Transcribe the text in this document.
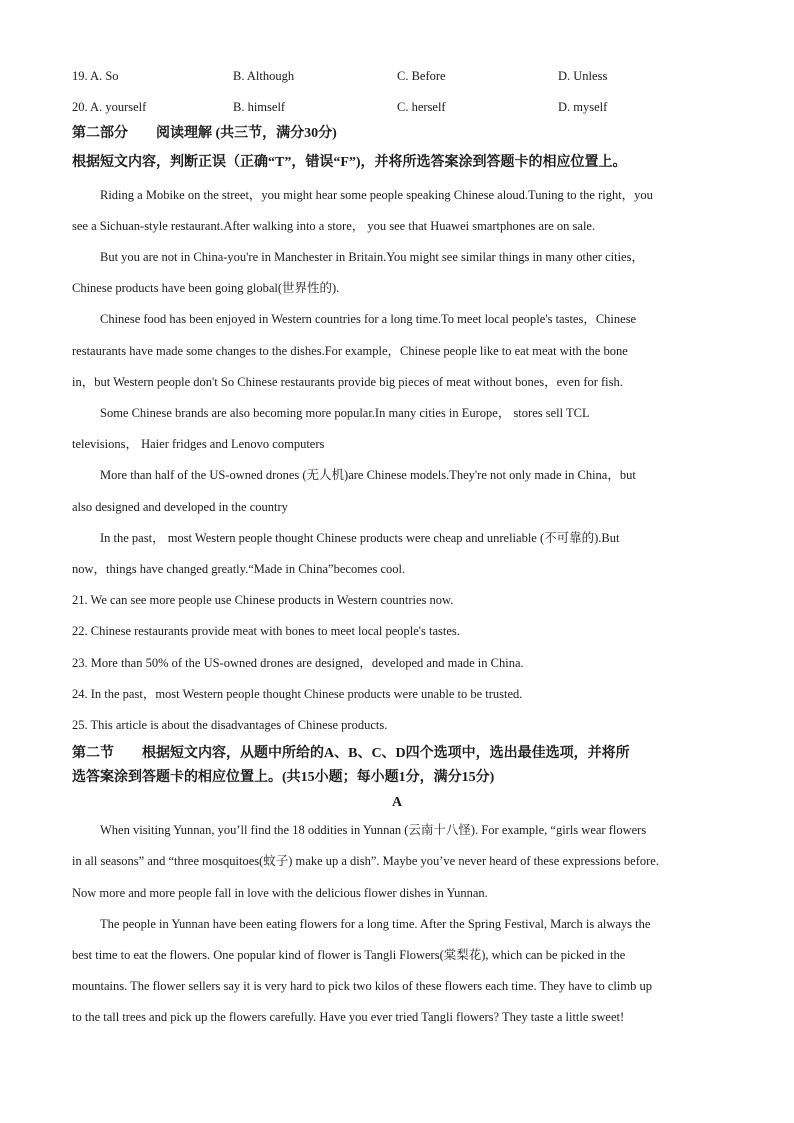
19. A. So	B. Although	C. Before	D. Unless
20. A. yourself	B. himself	C. herself	D. myself
第二部分　　阅读理解 (共三节，满分30分)
根据短文内容，判断正误（正确“T”，错误“F”)，并将所选答案涂到答题卡的相应位置上。
Riding a Mobike on the street，you might hear some people speaking Chinese aloud.Tuning to the right，you
see a Sichuan-style restaurant.After walking into a store， you see that Huawei smartphones are on sale.
But you are not in China-you're in Manchester in Britain.You might see similar things in many other cities，
Chinese products have been going global(世界性的).
Chinese food has been enjoyed in Western countries for a long time.To meet local people's tastes，Chinese
restaurants have made some changes to the dishes.For example，Chinese people like to eat meat with the bone
in，but Western people don't So Chinese restaurants provide big pieces of meat without bones，even for fish.
Some Chinese brands are also becoming more popular.In many cities in Europe， stores sell TCL
televisions， Haier fridges and Lenovo computers
More than half of the US-owned drones (无人机)are Chinese models.They're not only made in China，but
also designed and developed in the country
In the past， most Western people thought Chinese products were cheap and unreliable (不可靠的).But
now，things have changed greatly.“Made in China”becomes cool.
21. We can see more people use Chinese products in Western countries now.
22. Chinese restaurants provide meat with bones to meet local people's tastes.
23. More than 50% of the US-owned drones are designed，developed and made in China.
24. In the past，most Western people thought Chinese products were unable to be trusted.
25. This article is about the disadvantages of Chinese products.
第二节　　根据短文内容，从题中所给的A、B、C、D四个选项中，选出最佳选项，并将所
选答案涂到答题卡的相应位置上。(共15小题；每小题1分，满分15分)
A
When visiting Yunnan, you’ll find the 18 oddities in Yunnan (云南十八怪). For example, “girls wear flowers
in all seasons” and “three mosquitoes(蚊子) make up a dish”. Maybe you’ve never heard of these expressions before.
Now more and more people fall in love with the delicious flower dishes in Yunnan.
The people in Yunnan have been eating flowers for a long time. After the Spring Festival, March is always the
best time to eat the flowers. One popular kind of flower is Tangli Flowers(棠梨花), which can be picked in the
mountains. The flower sellers say it is very hard to pick two kilos of these flowers each time. They have to climb up
to the tall trees and pick up the flowers carefully. Have you ever tried Tangli flowers? They taste a little sweet!
